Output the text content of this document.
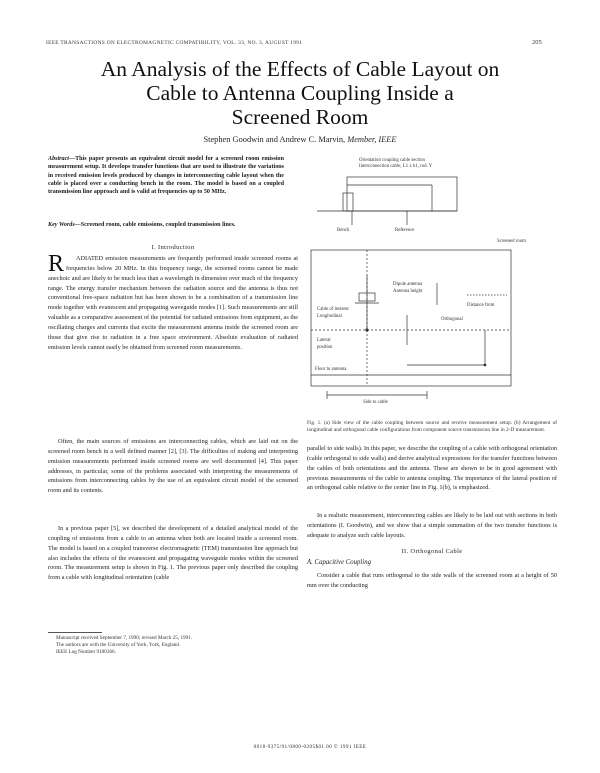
IEEE TRANSACTIONS ON ELECTROMAGNETIC COMPATIBILITY, VOL. 33, NO. 3, AUGUST 1991	205
An Analysis of the Effects of Cable Layout on
Cable to Antenna Coupling Inside a
Screened Room
Stephen Goodwin and Andrew C. Marvin, Member, IEEE
Abstract—This paper presents an equivalent circuit model for a screened room emission measurement setup. It develops transfer functions that are used to illustrate the variations in received emission levels produced by changes in interconnecting cable layout when the cable is placed over a conducting bench in the room. The model is based on a coupled transmission line approach and is valid at frequencies up to 50 MHz.
Key Words—Screened room, cable emissions, coupled transmission lines.
I. Introduction
R ADIATED emission measurements are frequently performed inside screened rooms at frequencies below 20 MHz. In this frequency range, the screened rooms cannot be made anechoic and are likely to be much less than a wavelength in dimension over much of the frequency range. The energy transfer mechanism between the radiation source and the antenna is thus not conventional free-space radiation but has been shown to be a combination of a transmission line mode together with evanescent and propagating waveguide modes [1]. Such measurements are still valuable as a comparative assessment of the potential for radiated emissions from equipment, as the oscillating charges and currents that excite the measurement antenna inside the screened room are those that give rise to radiation in a free space environment. Absolute evaluation of radiated emission levels cannot easily be obtained from screened room measurements.
Often, the main sources of emissions are interconnecting cables, which are laid out on the screened room bench in a well defined manner [2], [3]. The difficulties of making and interpreting emission measurements performed inside screened rooms are well documented [4]. This paper addresses, in particular, some of the problems associated with interpreting the measurements of emissions from interconnecting cables by the use of an equivalent circuit model of the screened room and its contents.
In a previous paper [5], we described the development of a detailed analytical model of the coupling of emissions from a cable to an antenna when both are located inside a screened room. The model is based on a coupled transverse electromagnetic (TEM) transmission line approach but also includes the effects of the evanescent and propagating waveguide modes within the screened room. The measurement setup is shown in Fig. 1. The previous paper only described the coupling from a cable with longitudinal orientation (cable
Manuscript received September 7, 1990; revised March 25, 1991.
The authors are with the University of York, York, England.
IEEE Log Number 9100366.
Orientation coupling cable section
Interconnection cable, L1 x h1, rod. Y
Bench	Reference
Screened room
Dipole antenna
Antenna height
Cable of interest
Longitudinal
Orthogonal
Distance from
Lateral
position
Floor to antenna
Side to cable
Fig. 1. (a) Side view of the cable coupling between source and receive measurement setup. (b) Arrangement of longitudinal and orthogonal cable configurations from component source transmission line in 2-D measurement.
parallel to side walls). In this paper, we describe the coupling of a cable with orthogonal orientation (cable orthogonal to side walls) and derive analytical expressions for the transfer functions between the cables of both orientations and the antenna. These are shown to be in good agreement with previous measurements of the cable to antenna coupling. The importance of the lateral position of an orthogonal cable relative to the center line in Fig. 1(b), is emphasized.
In a realistic measurement, interconnecting cables are likely to be laid out with sections in both orientations (I. Goodwin), and we show that a simple summation of the two transfer functions is adequate to analyze such cable layouts.
II. Orthogonal Cable
A. Capacitive Coupling
Consider a cable that runs orthogonal to the side walls of the screened room at a height of 50 mm over the conducting
0018-9375/91/0800-0205$01.00 © 1991 IEEE
